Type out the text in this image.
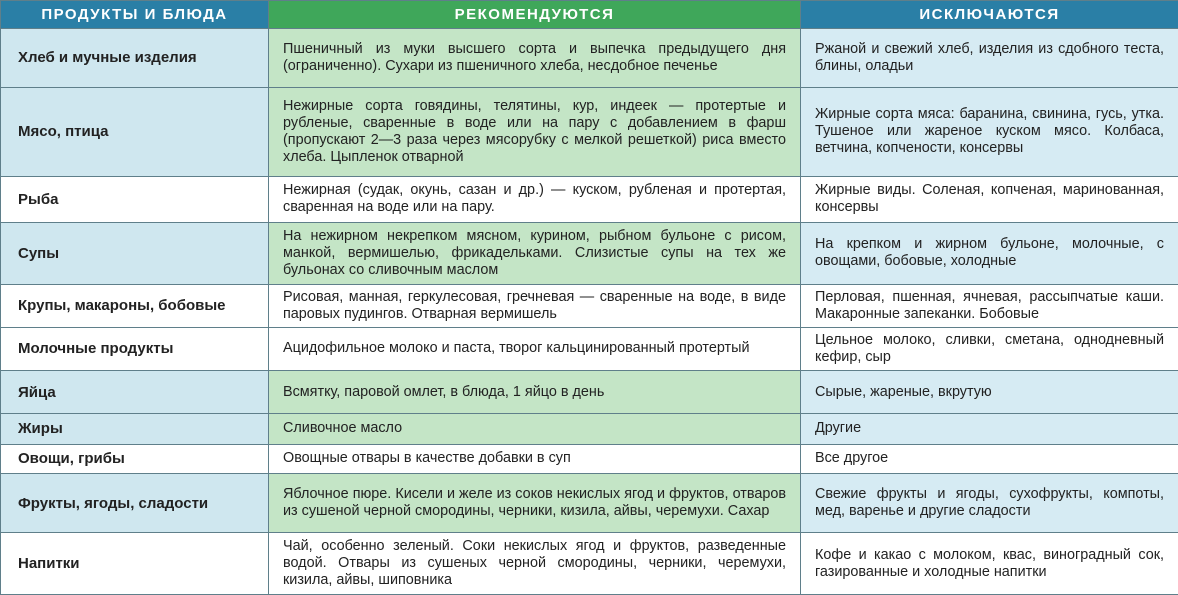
ПРОДУКТЫ И БЛЮДА	РЕКОМЕНДУЮТСЯ	ИСКЛЮЧАЮТСЯ
Хлеб и мучные изделия	Пшеничный из муки высшего сорта и выпечка предыдущего дня (ограниченно). Сухари из пшеничного хлеба, несдобное печенье	Ржаной и свежий хлеб, изделия из сдобного теста, блины, оладьи
Мясо, птица	Нежирные сорта говядины, телятины, кур, индеек — протертые и рубленые, сваренные в воде или на пару с добавлением в фарш (пропускают 2—3 раза через мясорубку с мелкой решеткой) риса вместо хлеба. Цыпленок отварной	Жирные сорта мяса: баранина, свинина, гусь, утка. Тушеное или жареное куском мясо. Колбаса, ветчина, копчености, консервы
Рыба	Нежирная (судак, окунь, сазан и др.) — куском, рубленая и протертая, сваренная на воде или на пару.	Жирные виды. Соленая, копченая, маринованная, консервы
Супы	На нежирном некрепком мясном, курином, рыбном бульоне с рисом, манкой, вермишелью, фрикадельками. Слизистые супы на тех же бульонах со сливочным маслом	На крепком и жирном бульоне, молочные, с овощами, бобовые, холодные
Крупы, макароны, бобовые	Рисовая, манная, геркулесовая, гречневая — сваренные на воде, в виде паровых пудингов. Отварная вермишель	Перловая, пшенная, ячневая, рассыпчатые каши. Макаронные запеканки. Бобовые
Молочные продукты	Ацидофильное молоко и паста, творог кальцинированный протертый	Цельное молоко, сливки, сметана, однодневный кефир, сыр
Яйца	Всмятку, паровой омлет, в блюда, 1 яйцо в день	Сырые, жареные, вкрутую
Жиры	Сливочное масло	Другие
Овощи, грибы	Овощные отвары в качестве добавки в суп	Все другое
Фрукты, ягоды, сладости	Яблочное пюре. Кисели и желе из соков некислых ягод и фруктов, отваров из сушеной черной смородины, черники, кизила, айвы, черемухи. Сахар	Свежие фрукты и ягоды, сухофрукты, компоты, мед, варенье и другие сладости
Напитки	Чай, особенно зеленый. Соки некислых ягод и фруктов, разведенные водой. Отвары из сушеных черной смородины, черники, черемухи, кизила, айвы, шиповника	Кофе и какао с молоком, квас, виноградный сок, газированные и холодные напитки
